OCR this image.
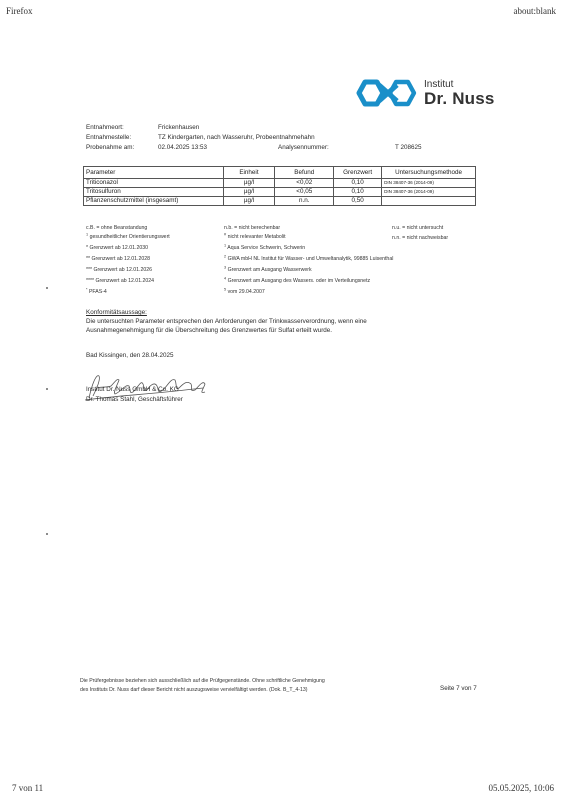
Firefox	about:blank
7 von 11	05.05.2025, 10:06
Institut
Dr. Nuss
Entnahmeort:	Frickenhausen
Entnahmestelle:	TZ Kindergarten, nach Wasseruhr, Probeentnahmehahn
Probenahme am:	02.04.2025 13:53	Analysennummer:	T 208625
Parameter	Einheit	Befund	Grenzwert	Untersuchungsmethode
Triticonazol	µg/l	<0,02	0,10	DIN 38407-36 (2014-09)
Tritosulfuron	µg/l	<0,05	0,10	DIN 38407-36 (2014-09)
Pflanzenschutzmittel (insgesamt)	µg/l	n.n.	0,50	
c.B. = ohne Beanstandung
$^1$ gesundheitlicher Orientierungswert
* Grenzwert ab 12.01.2030
** Grenzwert ab 12.01.2028
*** Grenzwert ab 12.01.2026
**** Grenzwert ab 12.01.2024
* PFAS-4
n.b. = nicht berechenbar
# nicht relevanter Metabolit
$^1$ Aqua Service Schwerin, Schwerin
$^2$ GWA mbH NL Institut für Wasser- und Umweltanalytik, 99885 Luisenthal
$^3$ Grenzwert am Ausgang Wasserwerk
$^4$ Grenzwert am Ausgang des Wassers. oder im Verteilungsnetz
$^5$ vom 29.04.2007
n.u. = nicht untersucht
n.n. = nicht nachweisbar
Konformitätsaussage:
Die untersuchten Parameter entsprechen den Anforderungen der Trinkwasserverordnung, wenn eine
Ausnahmegenehmigung für die Überschreitung des Grenzwertes für Sulfat erteilt wurde.
Bad Kissingen, den 28.04.2025
Institut Dr. Nuss GmbH & Co. KG
Dr. Thomas Stahl, Geschäftsführer
Die Prüfergebnisse beziehen sich ausschließlich auf die Prüfgegenstände. Ohne schriftliche Genehmigung
des Instituts Dr. Nuss darf dieser Bericht nicht auszugsweise vervielfältigt werden. (Dok. B_T_4-13)	Seite 7 von 7
